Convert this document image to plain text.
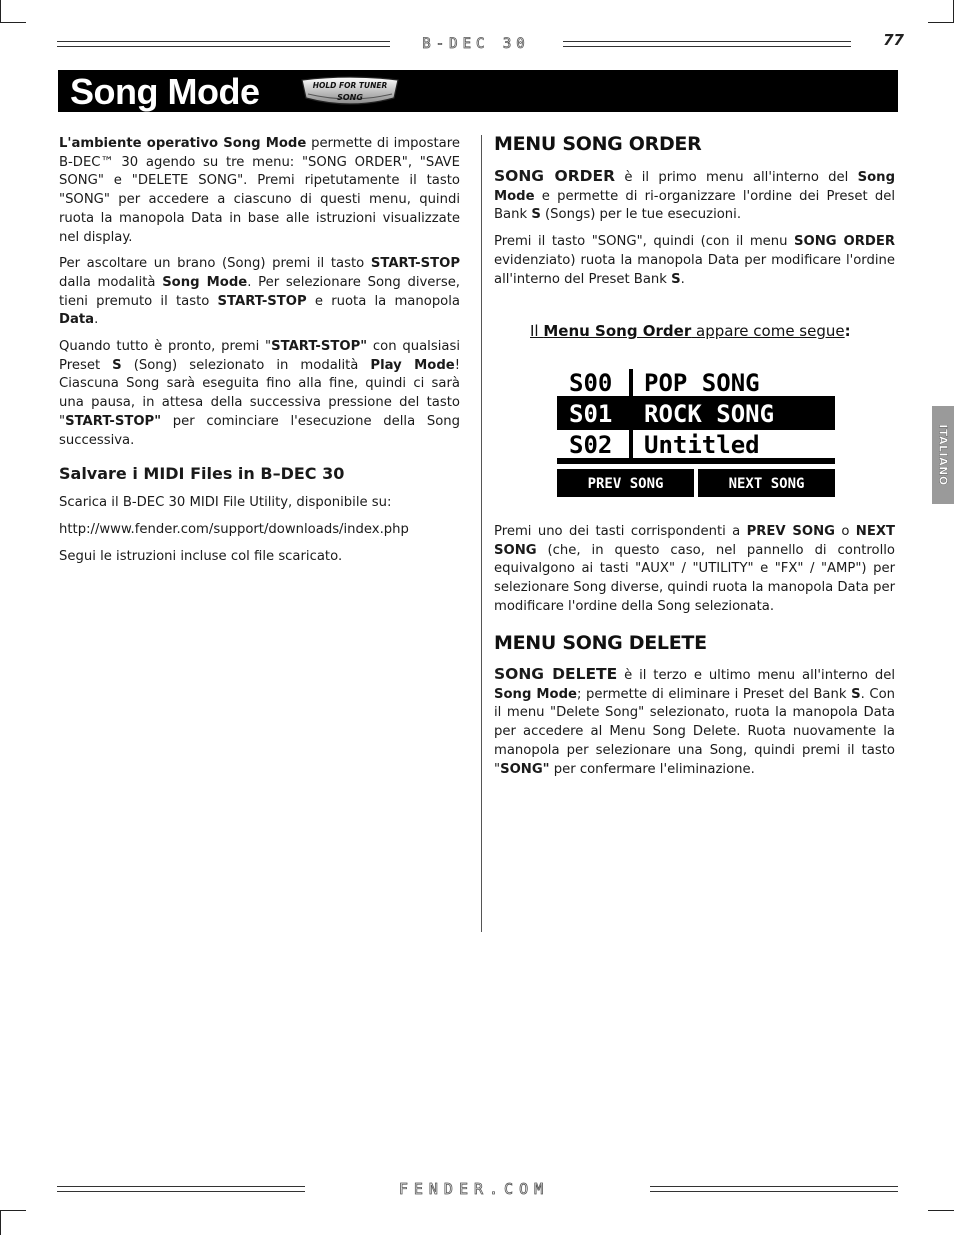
B-DEC 30	77
Song Mode	HOLD FOR TUNER
SONG

L'ambiente operativo Song Mode permette di impostare B-DEC™ 30 agendo su tre menu: "SONG ORDER", "SAVE SONG" e "DELETE SONG". Premi ripetutamente il tasto "SONG" per accedere a ciascuno di questi menu, quindi ruota la manopola Data in base alle istruzioni visualizzate nel display.

Per ascoltare un brano (Song) premi il tasto START-STOP dalla modalità Song Mode. Per selezionare Song diverse, tieni premuto il tasto START-STOP e ruota la manopola Data.

Quando tutto è pronto, premi "START-STOP" con qualsiasi Preset S (Song) selezionato in modalità Play Mode! Ciascuna Song sarà eseguita fino alla fine, quindi ci sarà una pausa, in attesa della successiva pressione del tasto "START-STOP" per cominciare l'esecuzione della Song successiva.

Salvare i MIDI Files in B–DEC 30

Scarica il B-DEC 30 MIDI File Utility, disponibile su:

http://www.fender.com/support/downloads/index.php

Segui le istruzioni incluse col file scaricato.

MENU SONG ORDER

SONG ORDER è il primo menu all'interno del Song Mode e permette di ri-organizzare l'ordine dei Preset del Bank S (Songs) per le tue esecuzioni.

Premi il tasto "SONG", quindi (con il menu SONG ORDER evidenziato) ruota la manopola Data per modificare l'ordine all'interno del Preset Bank S.

Il Menu Song Order appare come segue:
S00 POP SONG
S01 ROCK SONG
S02 Untitled
PREV SONG	NEXT SONG

Premi uno dei tasti corrispondenti a PREV SONG o NEXT SONG (che, in questo caso, nel pannello di controllo equivalgono ai tasti "AUX" / "UTILITY" e "FX" / "AMP") per selezionare Song diverse, quindi ruota la manopola Data per modificare l'ordine della Song selezionata.

MENU SONG DELETE

SONG DELETE è il terzo e ultimo menu all'interno del Song Mode; permette di eliminare i Preset del Bank S. Con il menu "Delete Song" selezionato, ruota la manopola Data per accedere al Menu Song Delete. Ruota nuovamente la manopola per selezionare una Song, quindi premi il tasto "SONG" per confermare l'eliminazione.

ITALIANO
FENDER.COM
